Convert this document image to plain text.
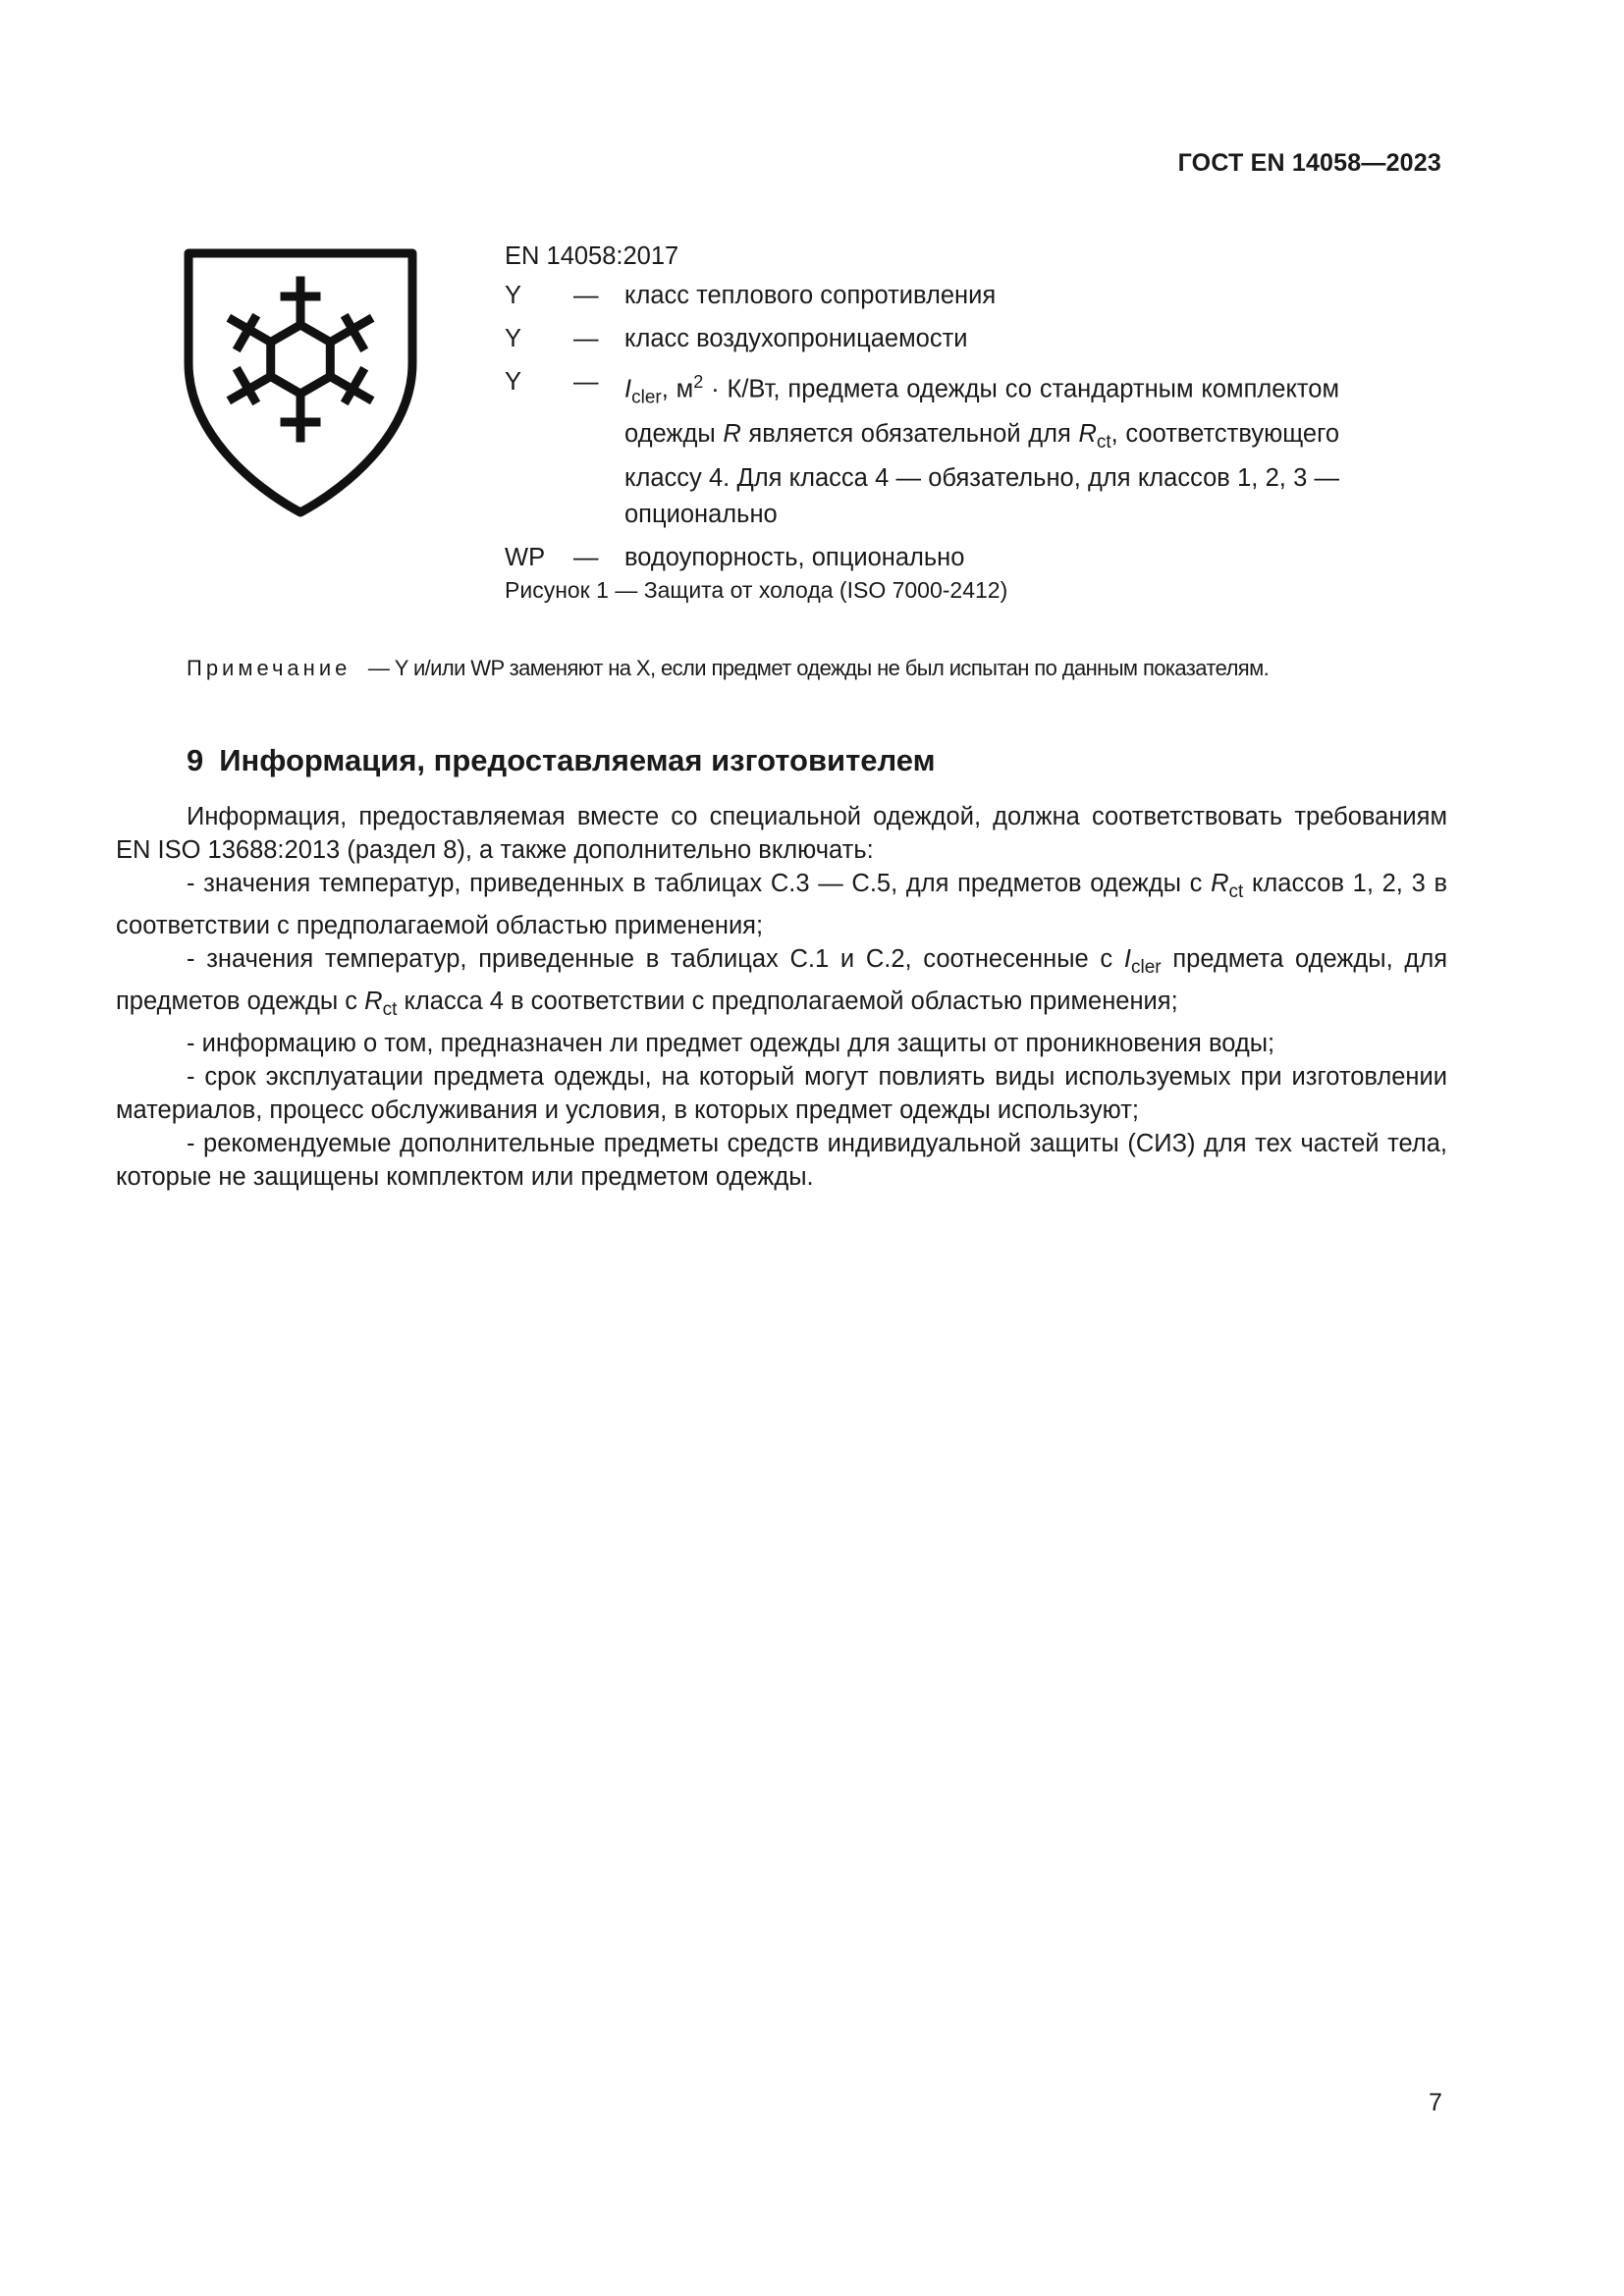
ГОСТ EN 14058—2023
EN 14058:2017
Y	—	класс теплового сопротивления
Y	—	класс воздухопроницаемости
Y	—	$I_{cler}$, $м^2 \cdot К/Вт$, предмета одежды со стандартным комплектом одежды R является обязательной для $R_{ct}$, соответствующего классу 4. Для класса 4 — обязательно, для классов 1, 2, 3 — опционально
WP	—	водоупорность, опционально
Рисунок 1 — Защита от холода (ISO 7000-2412)
Примечание — Y и/или WP заменяют на X, если предмет одежды не был испытан по данным показателям.
9 Информация, предоставляемая изготовителем

Информация, предоставляемая вместе со специальной одеждой, должна соответствовать требованиям EN ISO 13688:2013 (раздел 8), а также дополнительно включать:

- значения температур, приведенных в таблицах С.3 — С.5, для предметов одежды с $R_{ct}$ классов 1, 2, 3 в соответствии с предполагаемой областью применения;

- значения температур, приведенные в таблицах С.1 и С.2, соотнесенные с $I_{cler}$ предмета одежды, для предметов одежды с $R_{ct}$ класса 4 в соответствии с предполагаемой областью применения;

- информацию о том, предназначен ли предмет одежды для защиты от проникновения воды;

- срок эксплуатации предмета одежды, на который могут повлиять виды используемых при изготовлении материалов, процесс обслуживания и условия, в которых предмет одежды используют;

- рекомендуемые дополнительные предметы средств индивидуальной защиты (СИЗ) для тех частей тела, которые не защищены комплектом или предметом одежды.

7
